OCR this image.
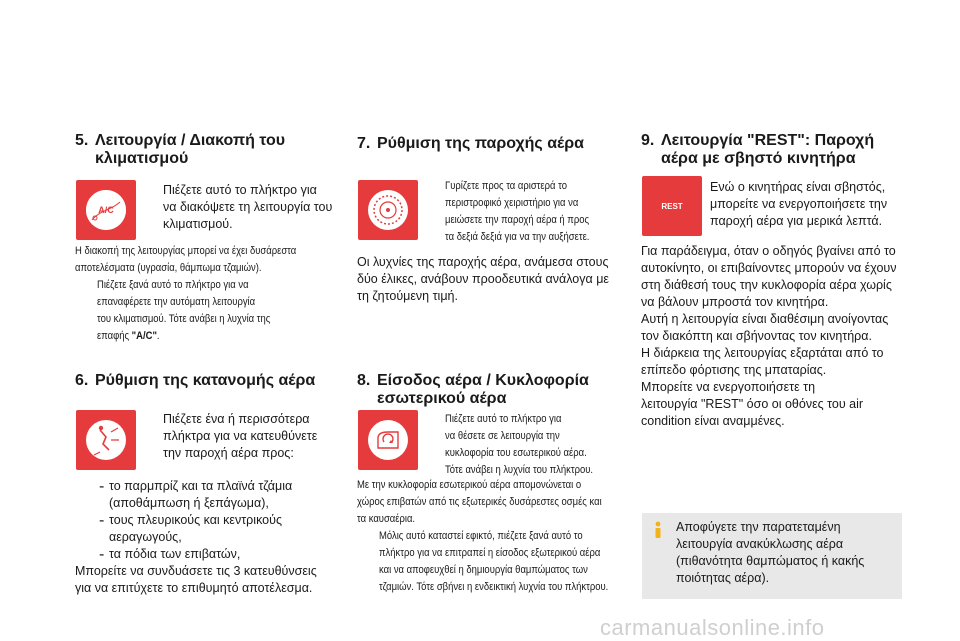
5. Λειτουργία / Διακοπή του
κλιματισμού
A/C

Πιέζετε αυτό το πλήκτρο για

να διακόψετε τη λειτουργία του

κλιματισμού.

Η διακοπή της λειτουργίας μπορεί να έχει δυσάρεστα

αποτελέσματα (υγρασία, θάμπωμα τζαμιών).

Πιέζετε ξανά αυτό το πλήκτρο για να

επαναφέρετε την αυτόματη λειτουργία

του κλιματισμού. Τότε ανάβει η λυχνία της

επαφής "A/C".

6. Ρύθμιση της κατανομής αέρα

Πιέζετε ένα ή περισσότερα

πλήκτρα για να κατευθύνετε

την παροχή αέρα προς:

- το παρμπρίζ και τα πλαϊνά τζάμια

(αποθάμπωση ή ξεπάγωμα),

- τους πλευρικούς και κεντρικούς

αεραγωγούς,

- τα πόδια των επιβατών,

Μπορείτε να συνδυάσετε τις 3 κατευθύνσεις

για να επιτύχετε το επιθυμητό αποτέλεσμα.

7. Ρύθμιση της παροχής αέρα

Γυρίζετε προς τα αριστερά το

περιστροφικό χειριστήριο για να

μειώσετε την παροχή αέρα ή προς

τα δεξιά δεξιά για να την αυξήσετε.

Οι λυχνίες της παροχής αέρα, ανάμεσα στους

δύο έλικες, ανάβουν προοδευτικά ανάλογα με

τη ζητούμενη τιμή.

8. Είσοδος αέρα / Κυκλοφορία
εσωτερικού αέρα

Πιέζετε αυτό το πλήκτρο για

να θέσετε σε λειτουργία την

κυκλοφορία του εσωτερικού αέρα.

Τότε ανάβει η λυχνία του πλήκτρου.

Με την κυκλοφορία εσωτερικού αέρα απομονώνεται ο

χώρος επιβατών από τις εξωτερικές δυσάρεστες οσμές και

τα καυσαέρια.

Μόλις αυτό καταστεί εφικτό, πιέζετε ξανά αυτό το

πλήκτρο για να επιτραπεί η είσοδος εξωτερικού αέρα

και να αποφευχθεί η δημιουργία θαμπώματος των

τζαμιών. Τότε σβήνει η ενδεικτική λυχνία του πλήκτρου.

9. Λειτουργία "REST": Παροχή
αέρα με σβηστό κινητήρα
REST

Ενώ ο κινητήρας είναι σβηστός,

μπορείτε να ενεργοποιήσετε την

παροχή αέρα για μερικά λεπτά.

Για παράδειγμα, όταν ο οδηγός βγαίνει από το

αυτοκίνητο, οι επιβαίνοντες μπορούν να έχουν

στη διάθεσή τους την κυκλοφορία αέρα χωρίς

να βάλουν μπροστά τον κινητήρα.

Αυτή η λειτουργία είναι διαθέσιμη ανοίγοντας

τον διακόπτη και σβήνοντας τον κινητήρα.

Η διάρκεια της λειτουργίας εξαρτάται από το

επίπεδο φόρτισης της μπαταρίας.

Μπορείτε να ενεργοποιήσετε τη

λειτουργία "REST" όσο οι οθόνες του air

condition είναι αναμμένες.

Αποφύγετε την παρατεταμένη

λειτουργία ανακύκλωσης αέρα

(πιθανότητα θαμπώματος ή κακής

ποιότητας αέρα).

carmanualsonline.info
